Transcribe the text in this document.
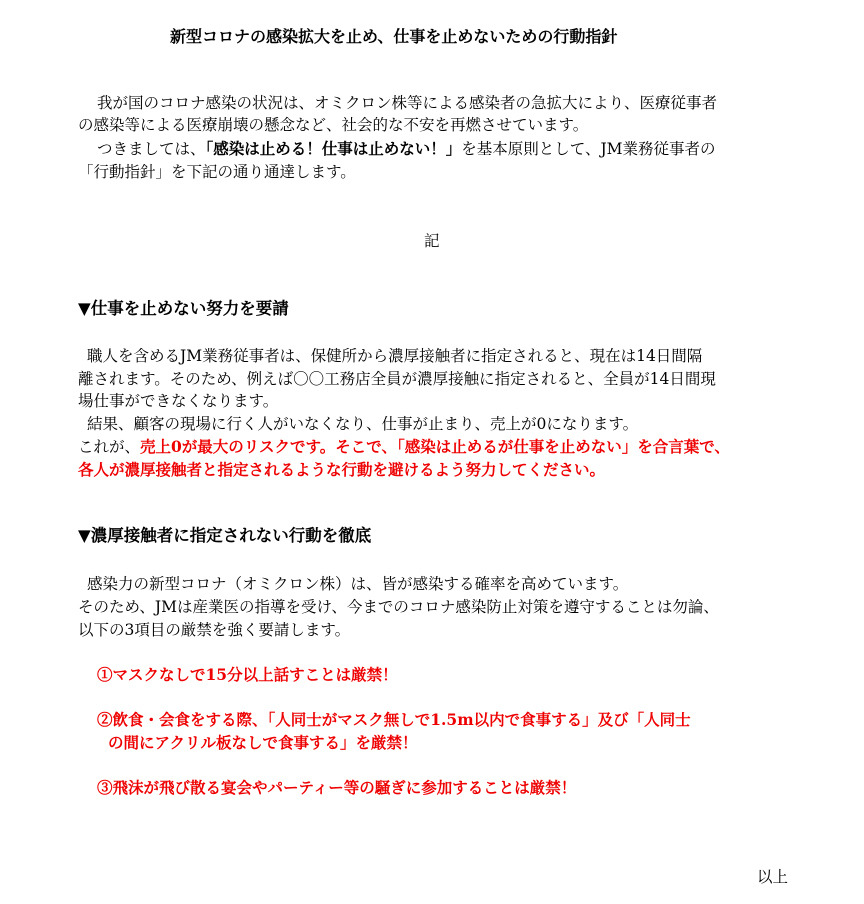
新型コロナの感染拡大を止め、仕事を止めないための行動指針
我が国のコロナ感染の状況は、オミクロン株等による感染者の急拡大により、医療従事者
の感染等による医療崩壊の懸念など、社会的な不安を再燃させています。
つきましては、「感染は止める！仕事は止めない！」を基本原則として、JM業務従事者の
「行動指針」を下記の通り通達します。
記
▼仕事を止めない努力を要請
職人を含めるJM業務従事者は、保健所から濃厚接触者に指定されると、現在は14日間隔
離されます。そのため、例えば〇〇工務店全員が濃厚接触に指定されると、全員が14日間現
場仕事ができなくなります。
結果、顧客の現場に行く人がいなくなり、仕事が止まり、売上が0になります。
これが、売上0が最大のリスクです。そこで、「感染は止めるが仕事を止めない」を合言葉で、
各人が濃厚接触者と指定されるような行動を避けるよう努力してください。
▼濃厚接触者に指定されない行動を徹底
感染力の新型コロナ（オミクロン株）は、皆が感染する確率を高めています。
そのため、JMは産業医の指導を受け、今までのコロナ感染防止対策を遵守することは勿論、
以下の3項目の厳禁を強く要請します。
①マスクなしで15分以上話すことは厳禁！
②飲食・会食をする際、「人同士がマスク無しで1.5m以内で食事する」及び「人同士
の間にアクリル板なしで食事する」を厳禁！
③飛沫が飛び散る宴会やパーティー等の騒ぎに参加することは厳禁！
以上
